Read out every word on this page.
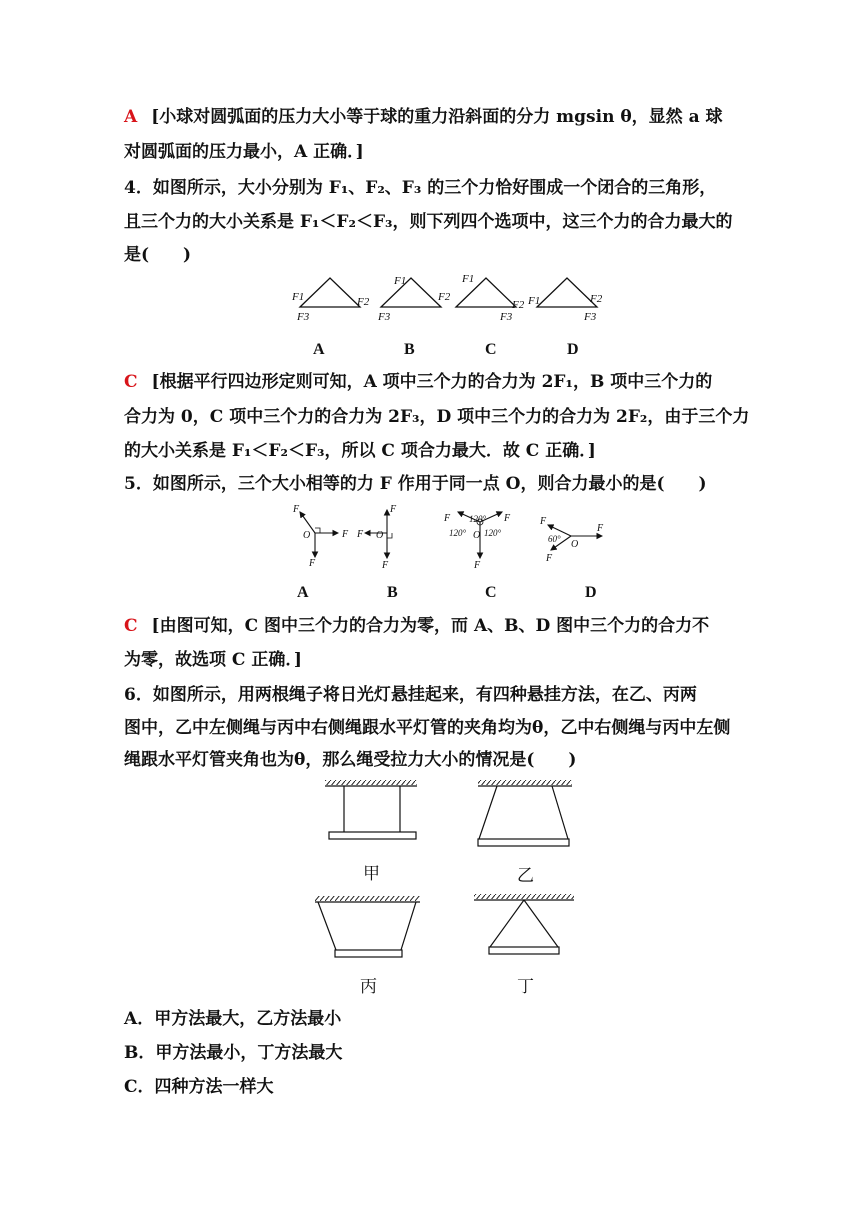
A [小球对圆弧面的压力大小等于球的重力沿斜面的分力 mgsin θ，显然 a 球
对圆弧面的压力最小，A 正确．]
4．如图所示，大小分别为 F₁、F₂、F₃ 的三个力恰好围成一个闭合的三角形，
且三个力的大小关系是 F₁＜F₂＜F₃，则下列四个选项中，这三个力的合力最大的
是(　　)
F1	F2
F3
F1
F2
F3
F1
F2
F3
F1	F2
F3
A	B	C	D
C [根据平行四边形定则可知，A 项中三个力的合力为 2F₁，B 项中三个力的
合力为 0，C 项中三个力的合力为 2F₃，D 项中三个力的合力为 2F₂，由于三个力
的大小关系是 F₁＜F₂＜F₃，所以 C 项合力最大．故 C 正确．]
5．如图所示，三个大小相等的力 F 作用于同一点 O，则合力最小的是(　　)
F
F
F
O
F
F
F O
F	F
F
O
F
F
F
O
120°
120° 120°
60°
A	B	C	D
C [由图可知，C 图中三个力的合力为零，而 A、B、D 图中三个力的合力不
为零，故选项 C 正确．]
6．如图所示，用两根绳子将日光灯悬挂起来，有四种悬挂方法，在乙、丙两
图中，乙中左侧绳与丙中右侧绳跟水平灯管的夹角均为θ，乙中右侧绳与丙中左侧
绳跟水平灯管夹角也为θ，那么绳受拉力大小的情况是(　　)
甲	乙
丙	丁
A．甲方法最大，乙方法最小
B．甲方法最小，丁方法最大
C．四种方法一样大
